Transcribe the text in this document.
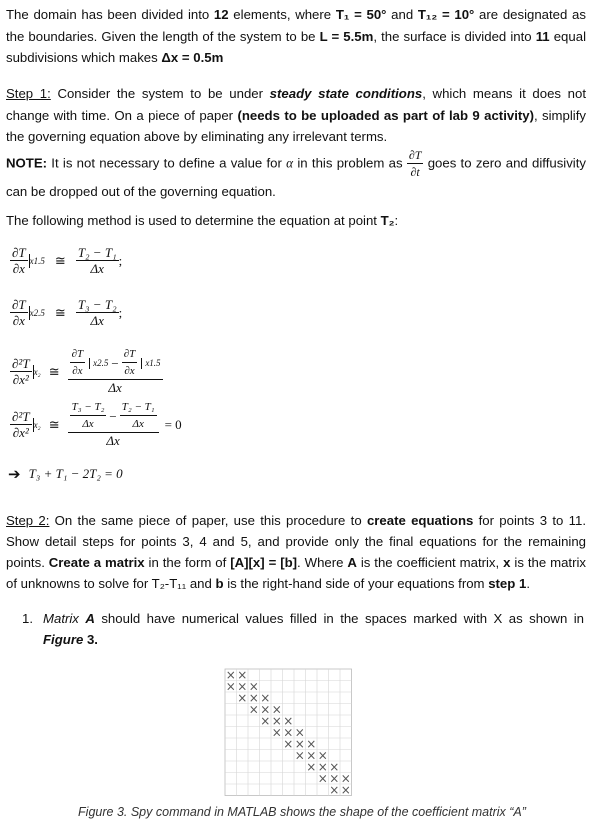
The domain has been divided into 12 elements, where T₁ = 50° and T₁₂ = 10° are designated as the boundaries. Given the length of the system to be L = 5.5m, the surface is divided into 11 equal subdivisions which makes Δx = 0.5m
Step 1: Consider the system to be under steady state conditions, which means it does not change with time. On a piece of paper (needs to be uploaded as part of lab 9 activity), simplify the governing equation above by eliminating any irrelevant terms.
NOTE: It is not necessary to define a value for α in this problem as $\frac{\partial T}{\partial t}$ goes to zero and diffusivity can be dropped out of the governing equation.
The following method is used to determine the equation at point T₂:
$\frac{\partial T}{\partial x} x1.5$ ≅ $\frac{\text{T₂ − T₁}}{\Delta x}$ ;
$\frac{\partial T}{\partial x} x2.5$ ≅ $\frac{\text{T₃ − T₂}}{\Delta x}$ ;
$\frac{\text{∂²T}}{\text{∂x²}} x_2$ ≅ $\frac{\frac{\partial T}{\partial x} x2.5 - \frac{\partial T}{\partial x} x1.5}{\Delta x}$
$\frac{\text{∂²T}}{\text{∂x²}} x_2$ ≅ $\frac{\frac{\text{T₃ − T₂}}{\Delta x} - \frac{\text{T₂ − T₁}}{\Delta x}}{\Delta x} = 0$
➔ T₃ + T₁ − 2T₂ = 0
Step 2: On the same piece of paper, use this procedure to create equations for points 3 to 11. Show detail steps for points 3, 4 and 5, and provide only the final equations for the remaining points. Create a matrix in the form of [A][x] = [b]. Where A is the coefficient matrix, x is the matrix of unknowns to solve for T₂-T₁₁ and b is the right-hand side of your equations from step 1.
1. Matrix A should have numerical values filled in the spaces marked with X as shown in Figure 3.
× ×
× × ×
× × ×
× × ×
× × ×
× × ×
× × ×
× × ×
× × ×
× × ×
× ×
Figure 3. Spy command in MATLAB shows the shape of the coefficient matrix “A”
